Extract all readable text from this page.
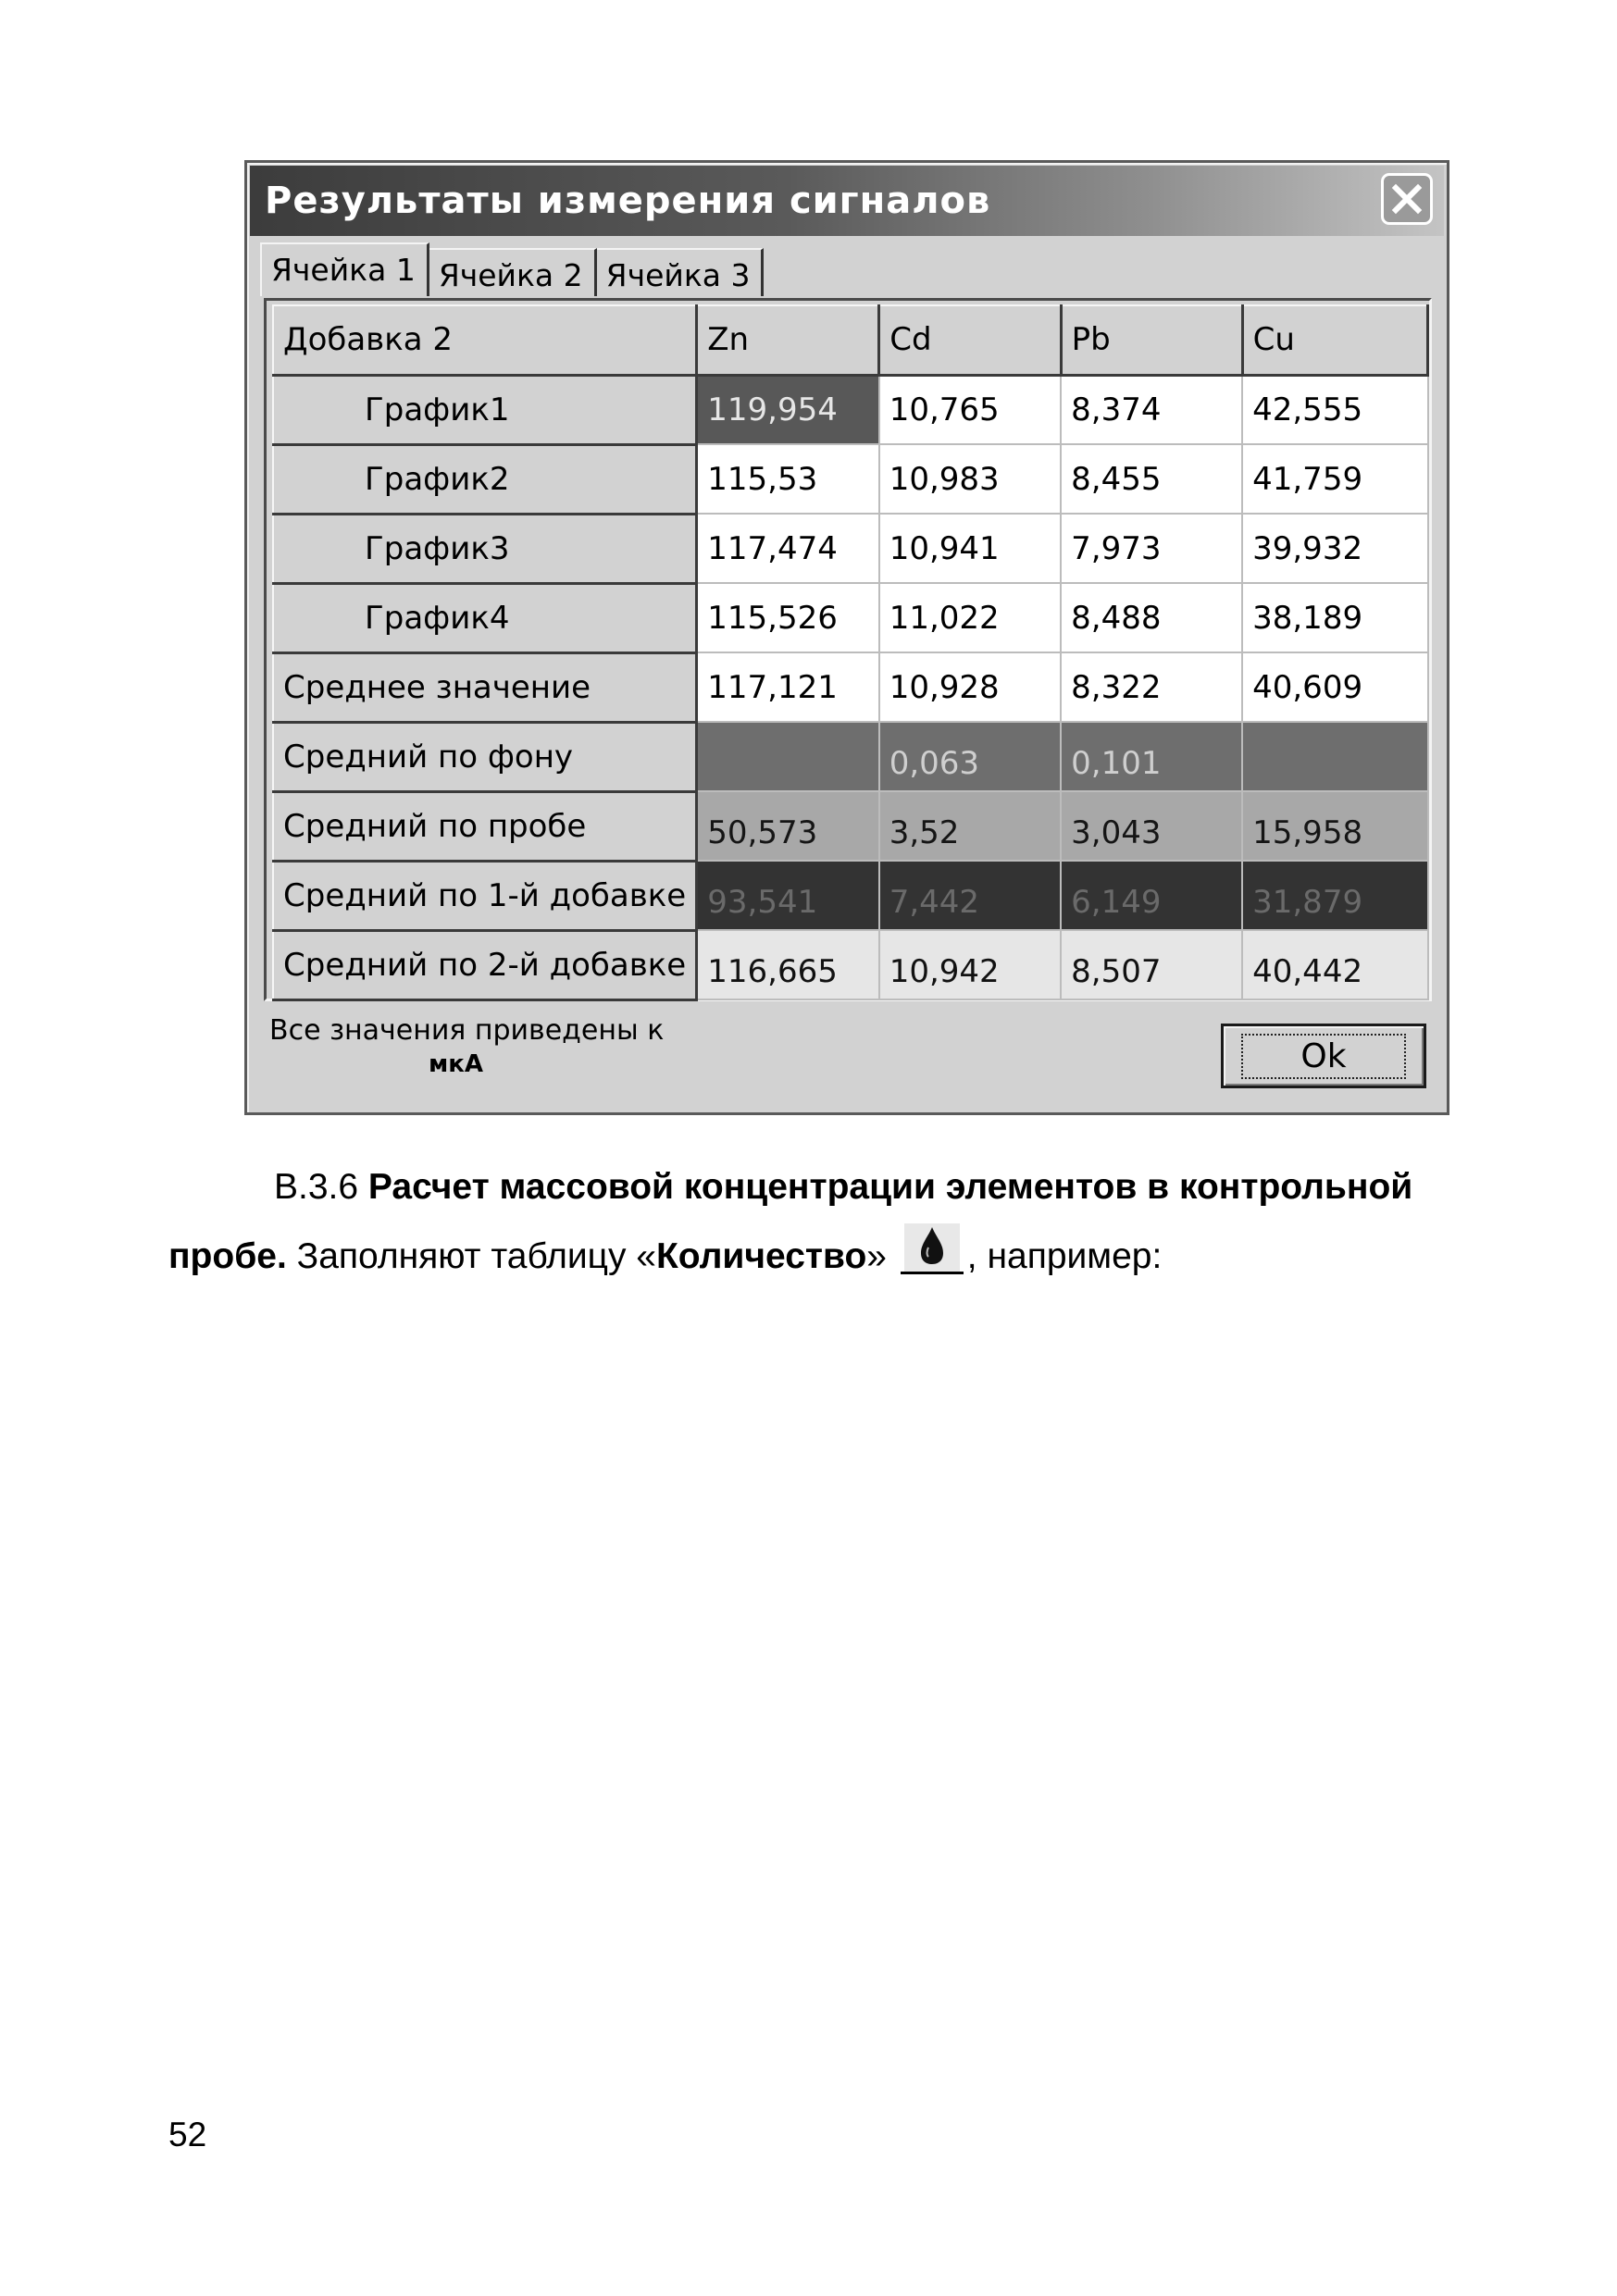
Результаты измерения сигналов
Ячейка 1 Ячейка 2 Ячейка 3
Добавка 2	Zn	Cd	Pb	Cu
График1	119,954	10,765	8,374	42,555
График2	115,53	10,983	8,455	41,759
График3	117,474	10,941	7,973	39,932
График4	115,526	11,022	8,488	38,189
Среднее значение	117,121	10,928	8,322	40,609
Средний по фону		0,063	0,101	
Средний по пробе	50,573	3,52	3,043	15,958
Средний по 1-й добавке	93,541	7,442	6,149	31,879
Средний по 2-й добавке	116,665	10,942	8,507	40,442
Все значения приведены к
мкА	Ok
В.3.6 Расчет массовой концентрации элементов в контрольной
пробе. Заполняют таблицу «Количество» , например:
52
